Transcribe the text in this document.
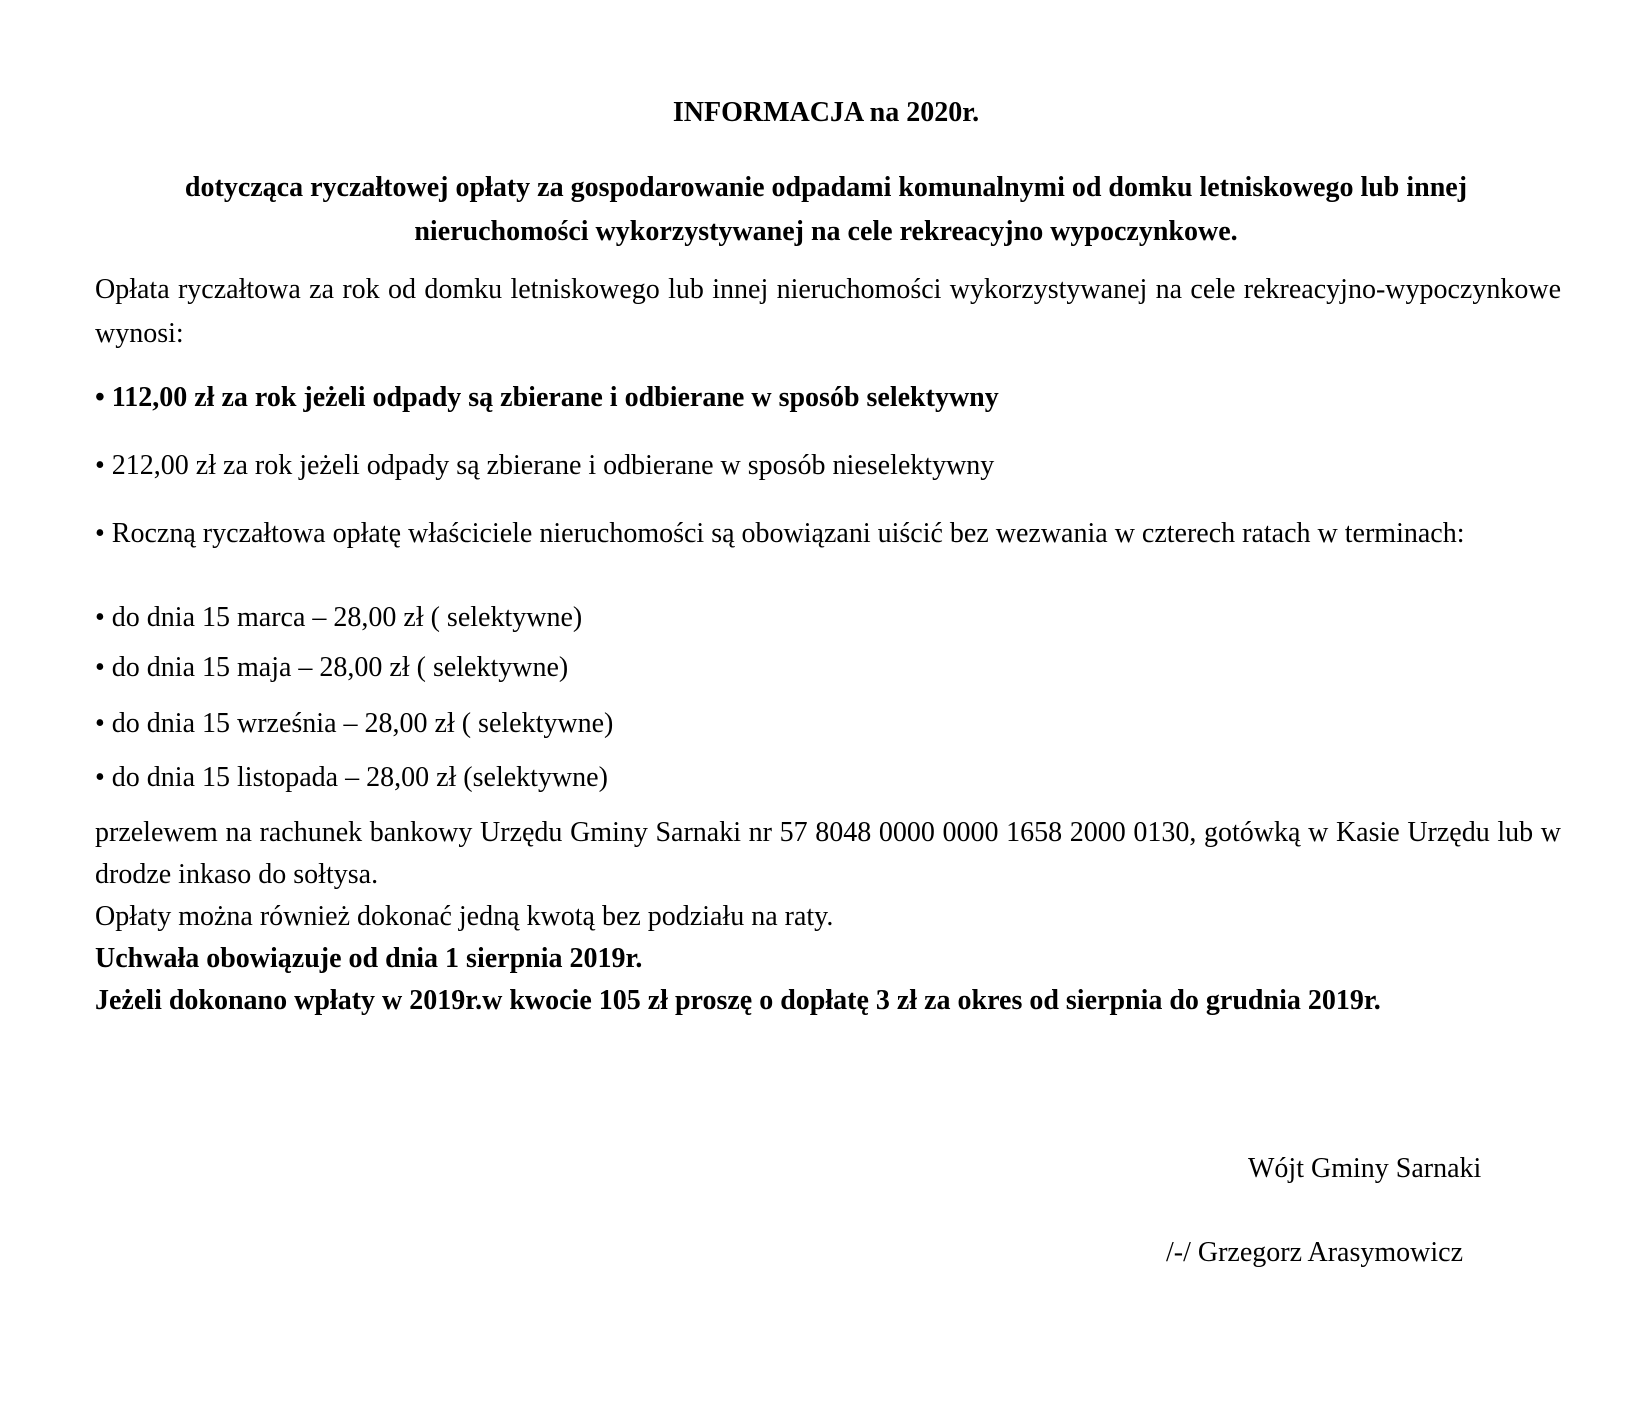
INFORMACJA na 2020r.
dotycząca ryczałtowej opłaty za gospodarowanie odpadami komunalnymi od domku letniskowego lub innej nieruchomości wykorzystywanej na cele rekreacyjno wypoczynkowe.
Opłata ryczałtowa za rok od domku letniskowego lub innej nieruchomości wykorzystywanej na cele rekreacyjno-wypoczynkowe wynosi:
• 112,00 zł za rok jeżeli odpady są zbierane i odbierane w sposób selektywny
• 212,00 zł za rok jeżeli odpady są zbierane i odbierane w sposób nieselektywny
• Roczną ryczałtowa opłatę właściciele nieruchomości są obowiązani uiścić bez wezwania w czterech ratach w terminach:
• do dnia 15 marca – 28,00 zł ( selektywne)
• do dnia 15 maja – 28,00 zł ( selektywne)
• do dnia 15 września – 28,00 zł ( selektywne)
• do dnia 15 listopada – 28,00 zł (selektywne)
przelewem na rachunek bankowy Urzędu Gminy Sarnaki nr 57 8048 0000 0000 1658 2000 0130, gotówką w Kasie Urzędu lub w drodze inkaso do sołtysa.
Opłaty można również dokonać jedną kwotą bez podziału na raty.
Uchwała obowiązuje od dnia 1 sierpnia 2019r.
Jeżeli dokonano wpłaty w 2019r.w kwocie 105 zł proszę o dopłatę 3 zł za okres od sierpnia do grudnia 2019r.
Wójt Gminy Sarnaki
/-/ Grzegorz Arasymowicz
